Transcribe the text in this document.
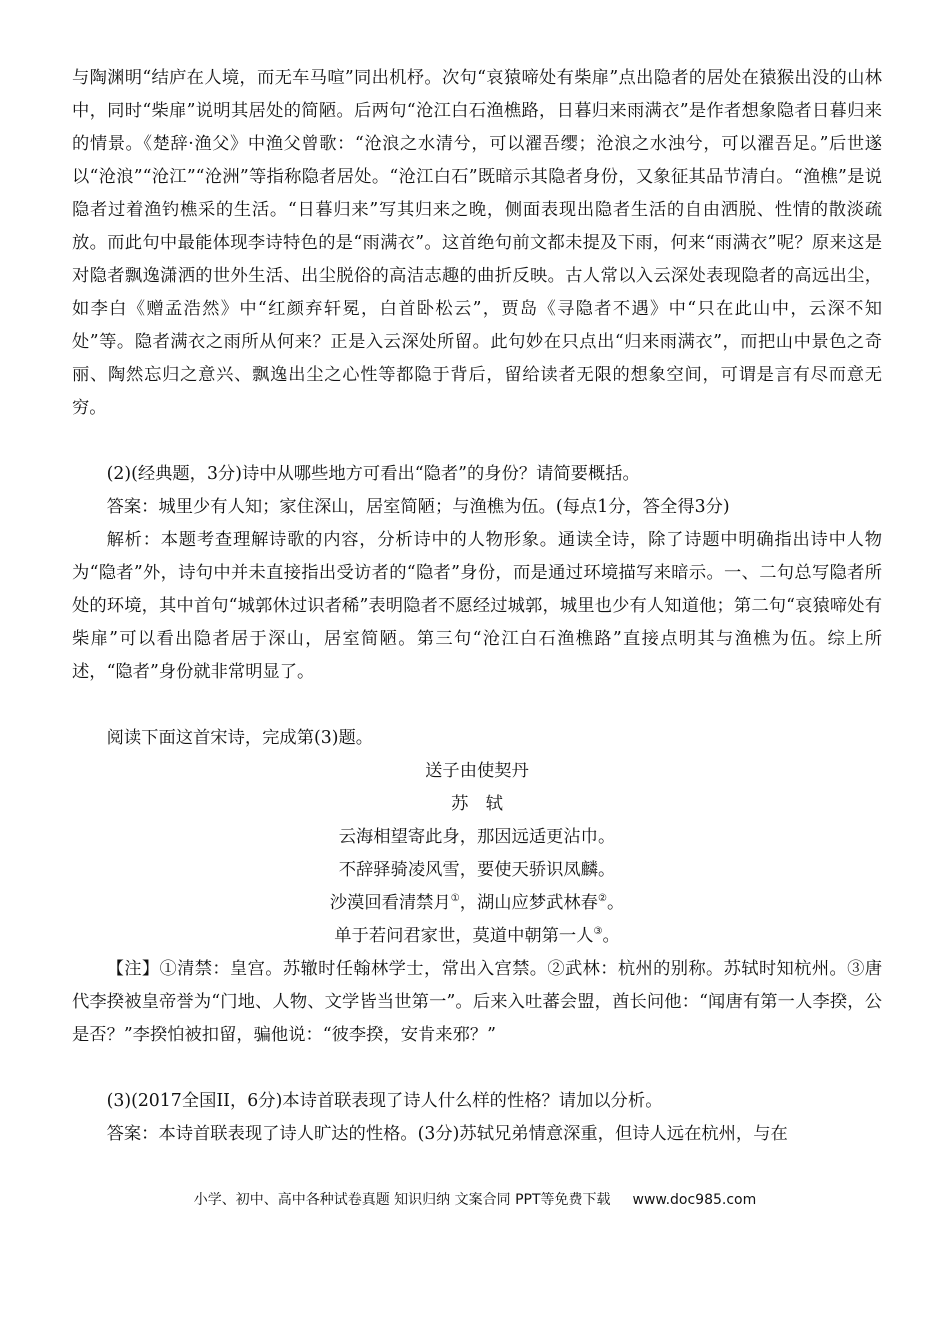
与陶渊明“结庐在人境，而无车马喧”同出机杼。次句“哀猿啼处有柴扉”点出隐者的居处在猿猴出没的山林中，同时“柴扉”说明其居处的简陋。后两句“沧江白石渔樵路，日暮归来雨满衣”是作者想象隐者日暮归来的情景。《楚辞·渔父》中渔父曾歌：“沧浪之水清兮，可以濯吾缨；沧浪之水浊兮，可以濯吾足。”后世遂以“沧浪”“沧江”“沧洲”等指称隐者居处。“沧江白石”既暗示其隐者身份，又象征其品节清白。“渔樵”是说隐者过着渔钓樵采的生活。“日暮归来”写其归来之晚，侧面表现出隐者生活的自由洒脱、性情的散淡疏放。而此句中最能体现李诗特色的是“雨满衣”。这首绝句前文都未提及下雨，何来“雨满衣”呢？原来这是对隐者飘逸潇洒的世外生活、出尘脱俗的高洁志趣的曲折反映。古人常以入云深处表现隐者的高远出尘，如李白《赠孟浩然》中“红颜弃轩冕，白首卧松云”，贾岛《寻隐者不遇》中“只在此山中，云深不知处”等。隐者满衣之雨所从何来？正是入云深处所留。此句妙在只点出“归来雨满衣”，而把山中景色之奇丽、陶然忘归之意兴、飘逸出尘之心性等都隐于背后，留给读者无限的想象空间，可谓是言有尽而意无穷。

(2)(经典题，3分)诗中从哪些地方可看出“隐者”的身份？请简要概括。

答案：城里少有人知；家住深山，居室简陋；与渔樵为伍。(每点1分，答全得3分)

解析：本题考查理解诗歌的内容，分析诗中的人物形象。通读全诗，除了诗题中明确指出诗中人物为“隐者”外，诗句中并未直接指出受访者的“隐者”身份，而是通过环境描写来暗示。一、二句总写隐者所处的环境，其中首句“城郭休过识者稀”表明隐者不愿经过城郭，城里也少有人知道他；第二句“哀猿啼处有柴扉”可以看出隐者居于深山，居室简陋。第三句“沧江白石渔樵路”直接点明其与渔樵为伍。综上所述，“隐者”身份就非常明显了。

阅读下面这首宋诗，完成第(3)题。

送子由使契丹

苏轼

云海相望寄此身，那因远适更沾巾。

不辞驿骑凌风雪，要使天骄识凤麟。

沙漠回看清禁月①，湖山应梦武林春②。

单于若问君家世，莫道中朝第一人③。

【注】①清禁：皇宫。苏辙时任翰林学士，常出入宫禁。②武林：杭州的别称。苏轼时知杭州。③唐代李揆被皇帝誉为“门地、人物、文学皆当世第一”。后来入吐蕃会盟，酋长问他：“闻唐有第一人李揆，公是否？”李揆怕被扣留，骗他说：“彼李揆，安肯来邪？”

(3)(2017全国II，6分)本诗首联表现了诗人什么样的性格？请加以分析。

答案：本诗首联表现了诗人旷达的性格。(3分)苏轼兄弟情意深重，但诗人远在杭州，与在

小学、初中、高中各种试卷真题 知识归纳 文案合同 PPT等免费下载 www.doc985.com
